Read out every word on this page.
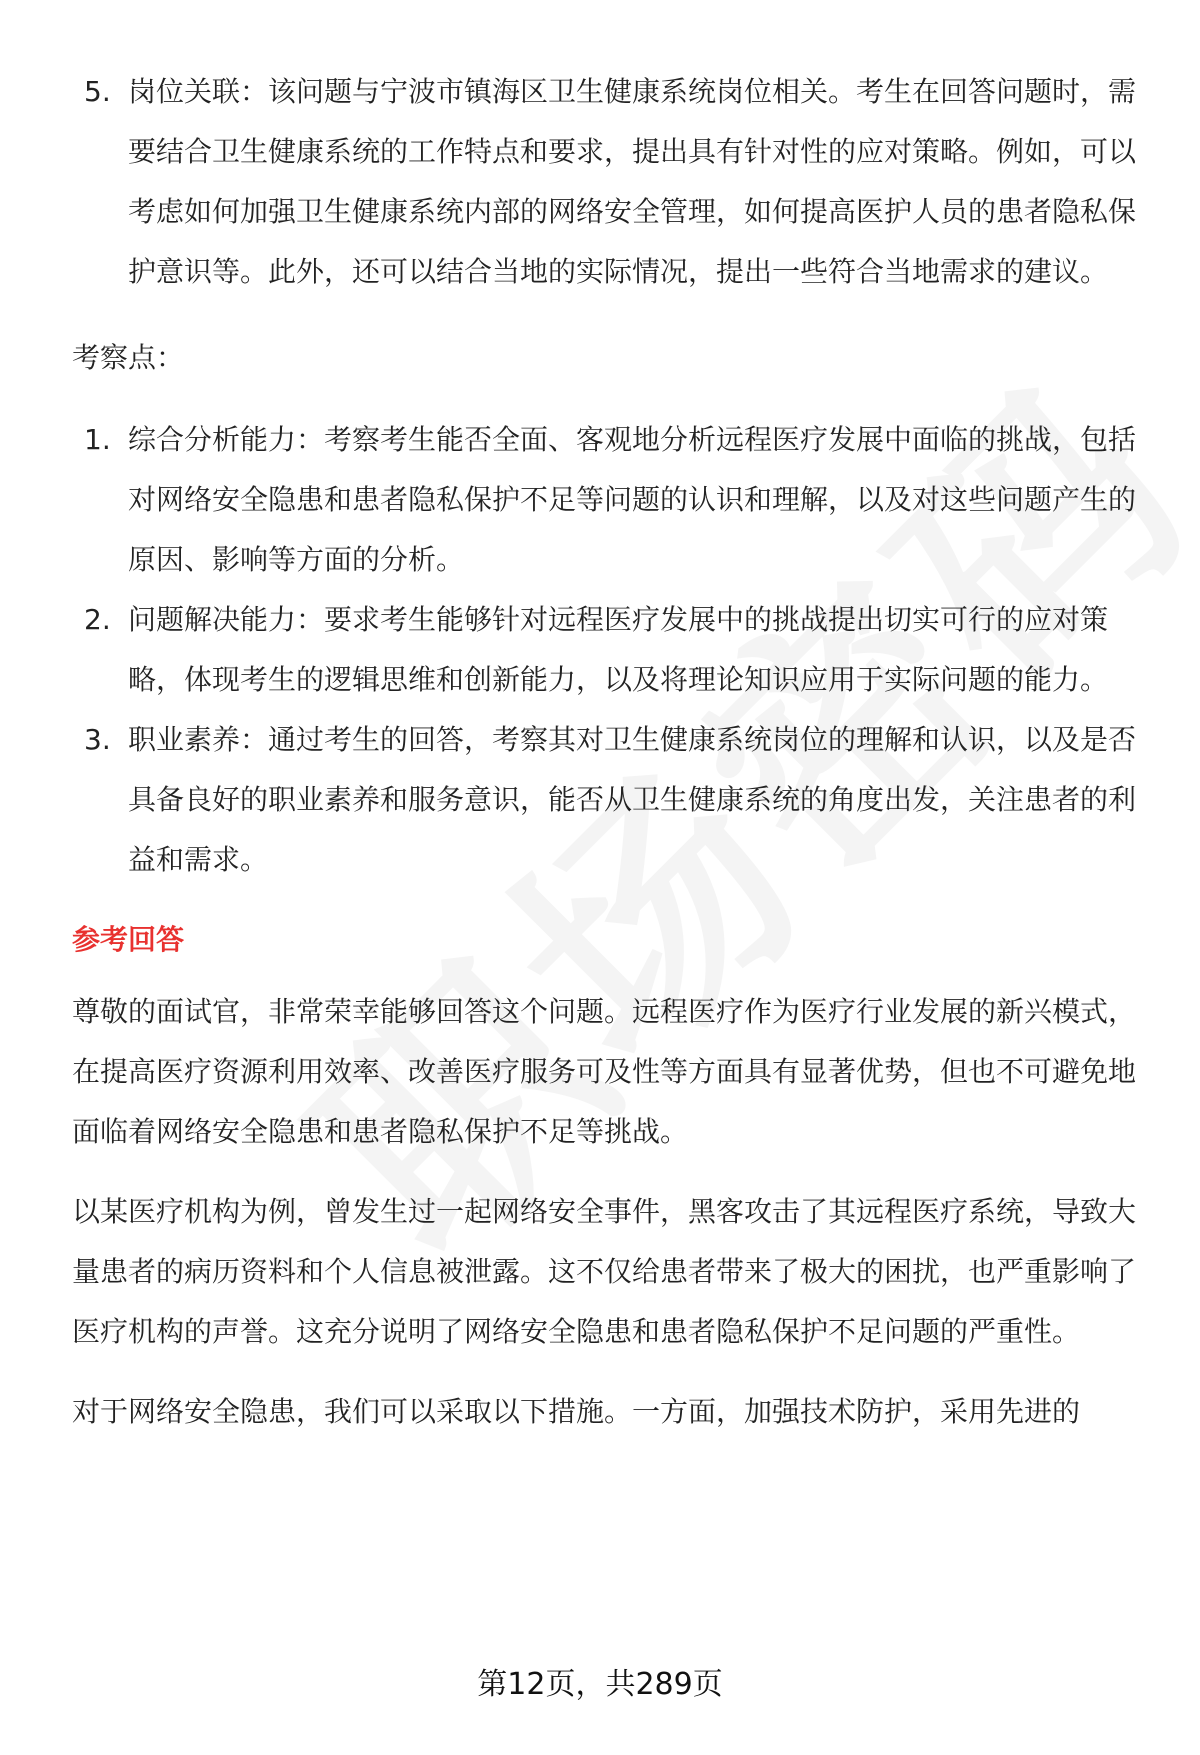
5. 岗位关联：该问题与宁波市镇海区卫生健康系统岗位相关。考生在回答问题时，需要结合卫生健康系统的工作特点和要求，提出具有针对性的应对策略。例如，可以考虑如何加强卫生健康系统内部的网络安全管理，如何提高医护人员的患者隐私保护意识等。此外，还可以结合当地的实际情况，提出一些符合当地需求的建议。
考察点：
1. 综合分析能力：考察考生能否全面、客观地分析远程医疗发展中面临的挑战，包括对网络安全隐患和患者隐私保护不足等问题的认识和理解，以及对这些问题产生的原因、影响等方面的分析。
2. 问题解决能力：要求考生能够针对远程医疗发展中的挑战提出切实可行的应对策略，体现考生的逻辑思维和创新能力，以及将理论知识应用于实际问题的能力。
3. 职业素养：通过考生的回答，考察其对卫生健康系统岗位的理解和认识，以及是否具备良好的职业素养和服务意识，能否从卫生健康系统的角度出发，关注患者的利益和需求。
参考回答
尊敬的面试官，非常荣幸能够回答这个问题。远程医疗作为医疗行业发展的新兴模式，在提高医疗资源利用效率、改善医疗服务可及性等方面具有显著优势，但也不可避免地面临着网络安全隐患和患者隐私保护不足等挑战。
以某医疗机构为例，曾发生过一起网络安全事件，黑客攻击了其远程医疗系统，导致大量患者的病历资料和个人信息被泄露。这不仅给患者带来了极大的困扰，也严重影响了医疗机构的声誉。这充分说明了网络安全隐患和患者隐私保护不足问题的严重性。
对于网络安全隐患，我们可以采取以下措施。一方面，加强技术防护，采用先进的
第12页，共289页
